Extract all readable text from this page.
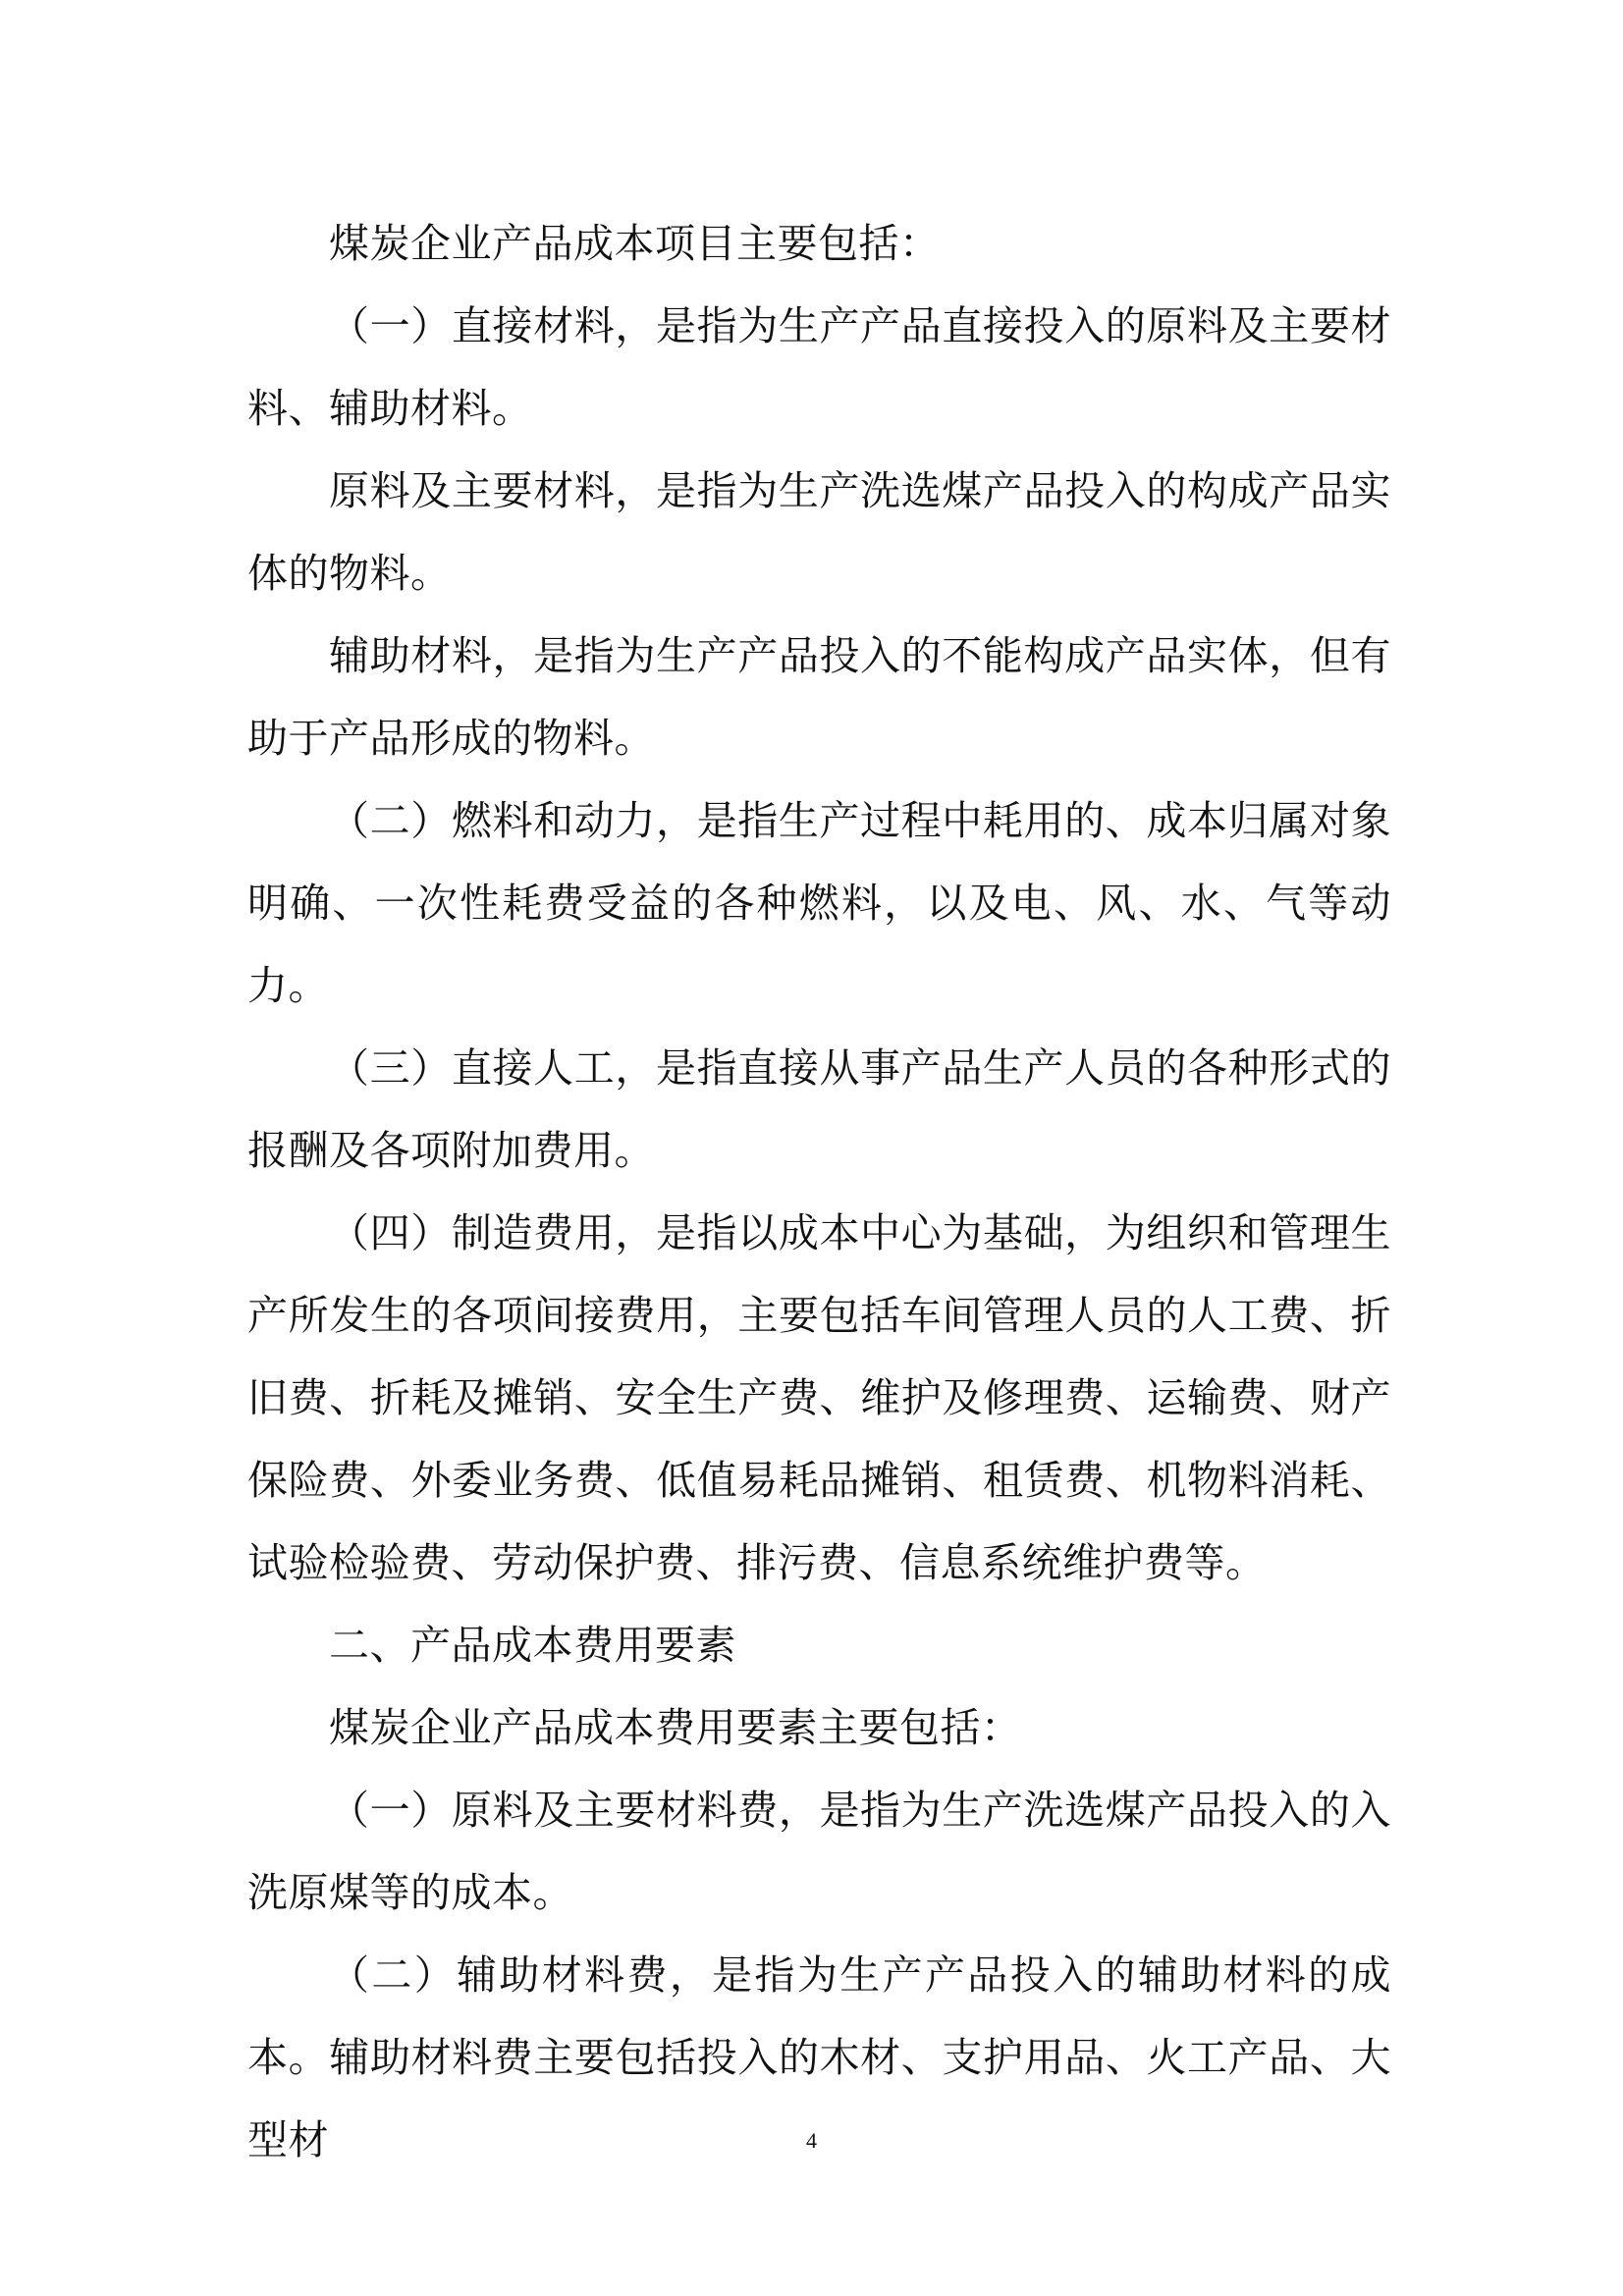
煤炭企业产品成本项目主要包括：

（一）直接材料，是指为生产产品直接投入的原料及主要材料、辅助材料。

原料及主要材料，是指为生产洗选煤产品投入的构成产品实体的物料。

辅助材料，是指为生产产品投入的不能构成产品实体，但有助于产品形成的物料。

（二）燃料和动力，是指生产过程中耗用的、成本归属对象明确、一次性耗费受益的各种燃料，以及电、风、水、气等动力。

（三）直接人工，是指直接从事产品生产人员的各种形式的报酬及各项附加费用。

（四）制造费用，是指以成本中心为基础，为组织和管理生产所发生的各项间接费用，主要包括车间管理人员的人工费、折旧费、折耗及摊销、安全生产费、维护及修理费、运输费、财产保险费、外委业务费、低值易耗品摊销、租赁费、机物料消耗、试验检验费、劳动保护费、排污费、信息系统维护费等。

二、产品成本费用要素

煤炭企业产品成本费用要素主要包括：

（一）原料及主要材料费，是指为生产洗选煤产品投入的入洗原煤等的成本。

（二）辅助材料费，是指为生产产品投入的辅助材料的成本。辅助材料费主要包括投入的木材、支护用品、火工产品、大型材	4
